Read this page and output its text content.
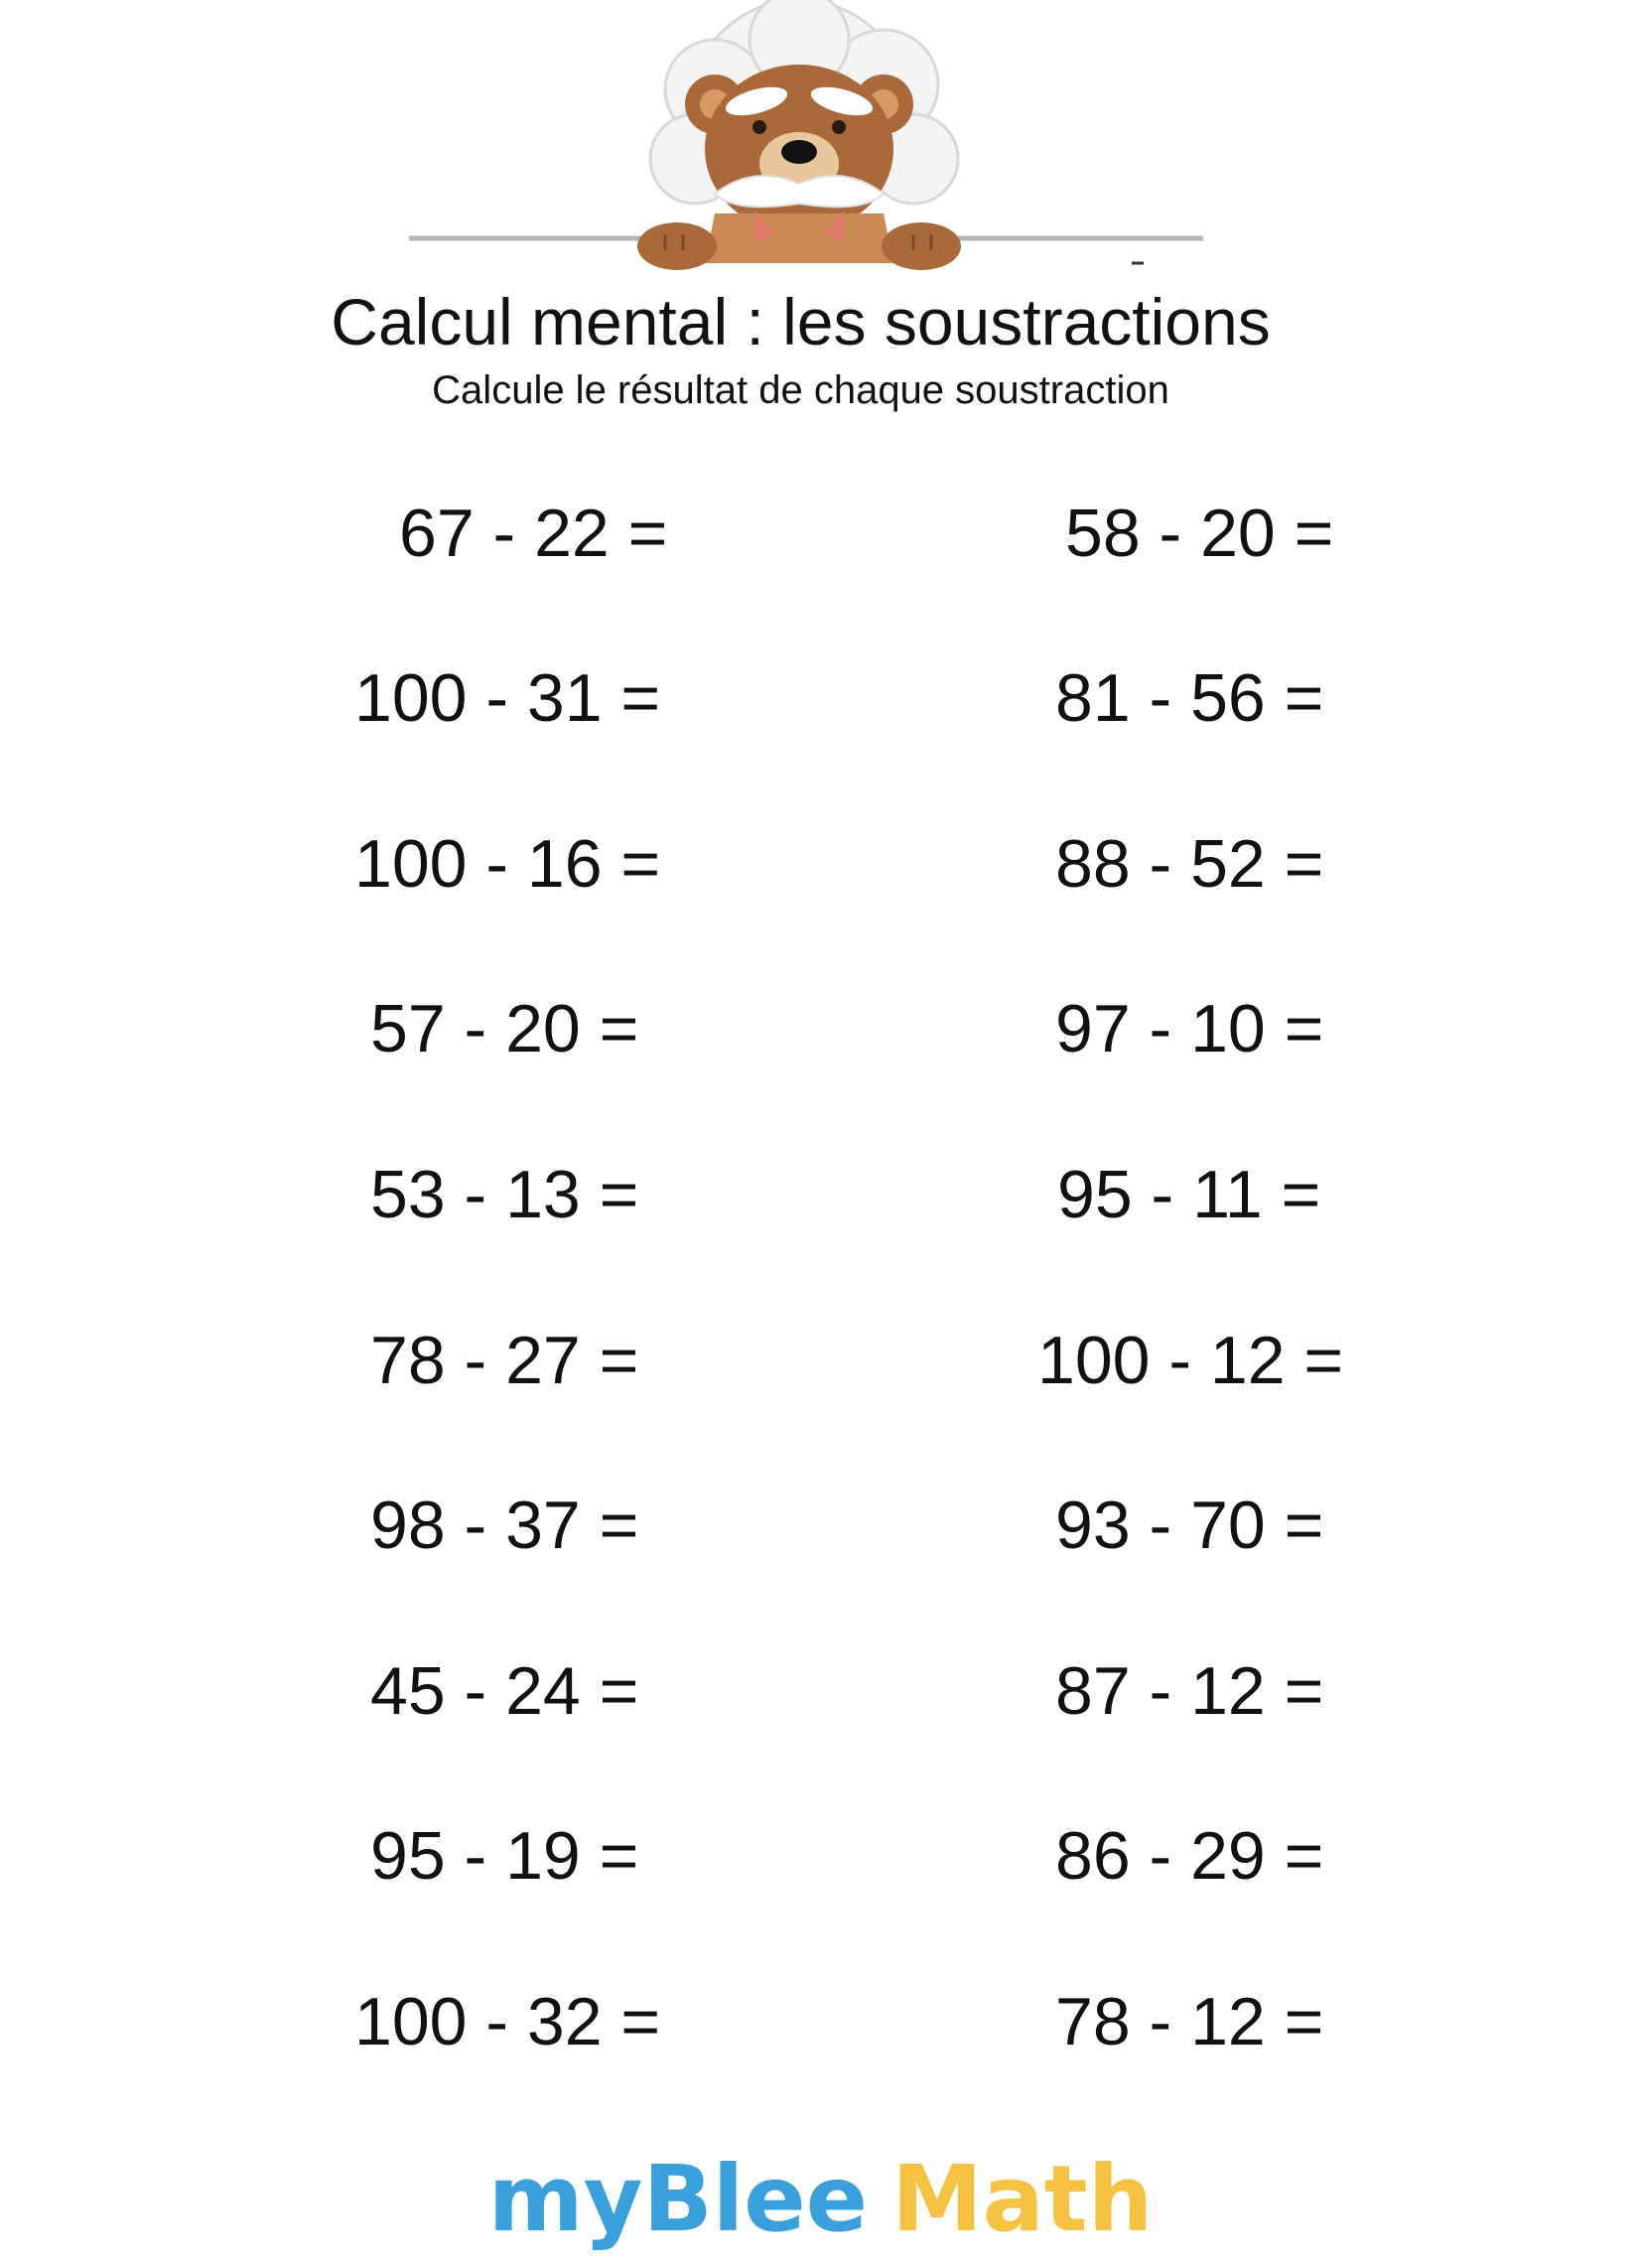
Calcul mental : les soustractions

Calcule le résultat de chaque soustraction

67 - 22 =
100 - 31 =
100 - 16 =
57 - 20 =
53 - 13 =
78 - 27 =
98 - 37 =
45 - 24 =
95 - 19 =
100 - 32 =
58 - 20 =
81 - 56 =
88 - 52 =
97 - 10 =
95 - 11 =
100 - 12 =
93 - 70 =
87 - 12 =
86 - 29 =
78 - 12 =
myBlee Math
